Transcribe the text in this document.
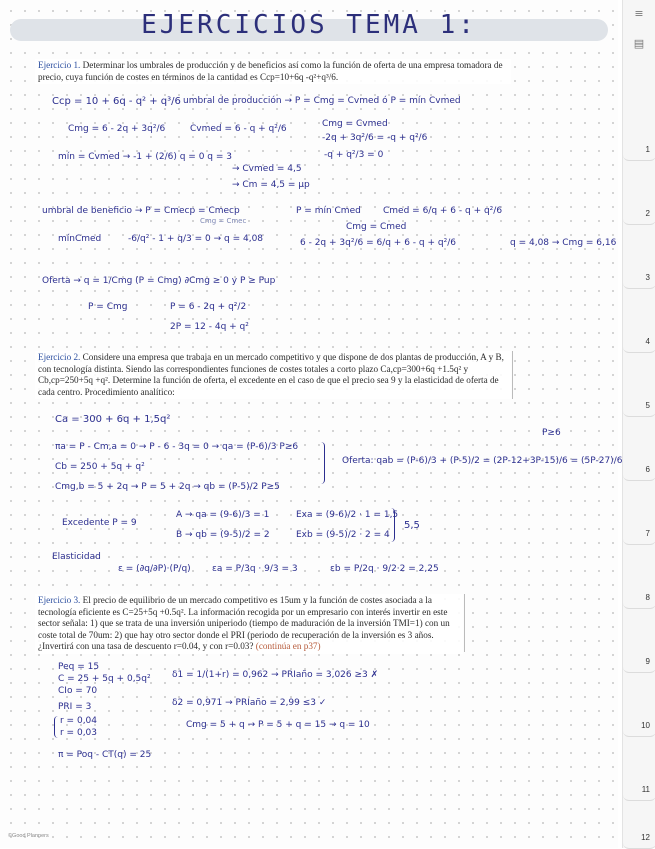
EJERCICIOS TEMA 1:
Ejercicio 1. Determinar los umbrales de producción y de beneficios así como la función de oferta de una empresa tomadora de precio, cuya función de costes en términos de la cantidad es Ccp=10+6q -q²+q³/6.
Ccp = 10 + 6q - q² + q³/6 umbral de producción → P = Cmg = Cvmed ó P = mín Cvmed
Cmg = 6 - 2q + 3q²/6	Cvmed = 6 - q + q²/6	Cmg = Cvmed
-2q + 3q²/6 = -q + q²/6
mín = Cvmed → -1 + (2/6) q = 0 q = 3	-q + q²/3 = 0
→ Cvmed = 4,5
→ Cm = 4,5 = µp
umbral de beneficio → P = Cmecp = Cmecp
Cmg = Cmec
P = mín Cmed Cmed = 6/q + 6 - q + q²/6
mínCmed	-6/q² - 1 + q/3 = 0 → q = 4,08
Cmg = Cmed
6 - 2q + 3q²/6 = 6/q + 6 - q + q²/6	q = 4,08 → Cmg = 6,16
Oferta → q = 1/Cmg (P = Cmg) ∂Cmg ≥ 0 y P ≥ Pup
P = Cmg	P = 6 - 2q + q²/2
2P = 12 - 4q + q²
Ejercicio 2. Considere una empresa que trabaja en un mercado competitivo y que dispone de dos plantas de producción, A y B, con tecnología distinta. Siendo las correspondientes funciones de costes totales a corto plazo Ca,cp=300+6q +1.5q² y Cb,cp=250+5q +q². Determine la función de oferta, el excedente en el caso de que el precio sea 9 y la elasticidad de oferta de cada centro. Procedimiento analítico:
Ca = 300 + 6q + 1,5q²
πa = P - Cm,a = 0 → P - 6 - 3q = 0 → qa = (P-6)/3 P≥6
P≥6
Cb = 250 + 5q + q²
Oferta: qab = (P-6)/3 + (P-5)/2 = (2P-12+3P-15)/6 = (5P-27)/6
Cmg,b = 5 + 2q → P = 5 + 2q → qb = (P-5)/2 P≥5
Excedente P = 9
A → qa = (9-6)/3 = 1	Exa = (9-6)/2 · 1 = 1,5
B → qb = (9-5)/2 = 2	Exb = (9-5)/2 · 2 = 4
5,5
Elasticidad
ε = (∂q/∂P)·(P/q) εa = P/3q · 9/3 = 3	εb = P/2q · 9/2·2 = 2,25
Ejercicio 3. El precio de equilibrio de un mercado competitivo es 15um y la función de costes asociada a la tecnología eficiente es C=25+5q +0.5q². La información recogida por un empresario con interés invertir en este sector señala: 1) que se trata de una inversión uniperiodo (tiempo de maduración de la inversión TMI=1) con un coste total de 70um: 2) que hay otro sector donde el PRI (periodo de recuperación de la inversión es 3 años. ¿Invertirá con una tasa de descuento r=0.04, y con r=0.03? (continúa en p37)
Peq = 15
C = 25 + 5q + 0,5q²
CIo = 70
PRI = 3
r = 0,04
r = 0,03
π = Poq - CT(q) = 25
δ1 = 1/(1+r) = 0,962 → PRIaño = 3,026 ≥3 ✗
δ2 = 0,971 → PRIaño = 2,99 ≤3 ✓
Cmg = 5 + q → P = 5 + q = 15 → q = 10
©Good Planners
≡
▤
1
2
3
4
5
6
7
8
9
10
11
12
